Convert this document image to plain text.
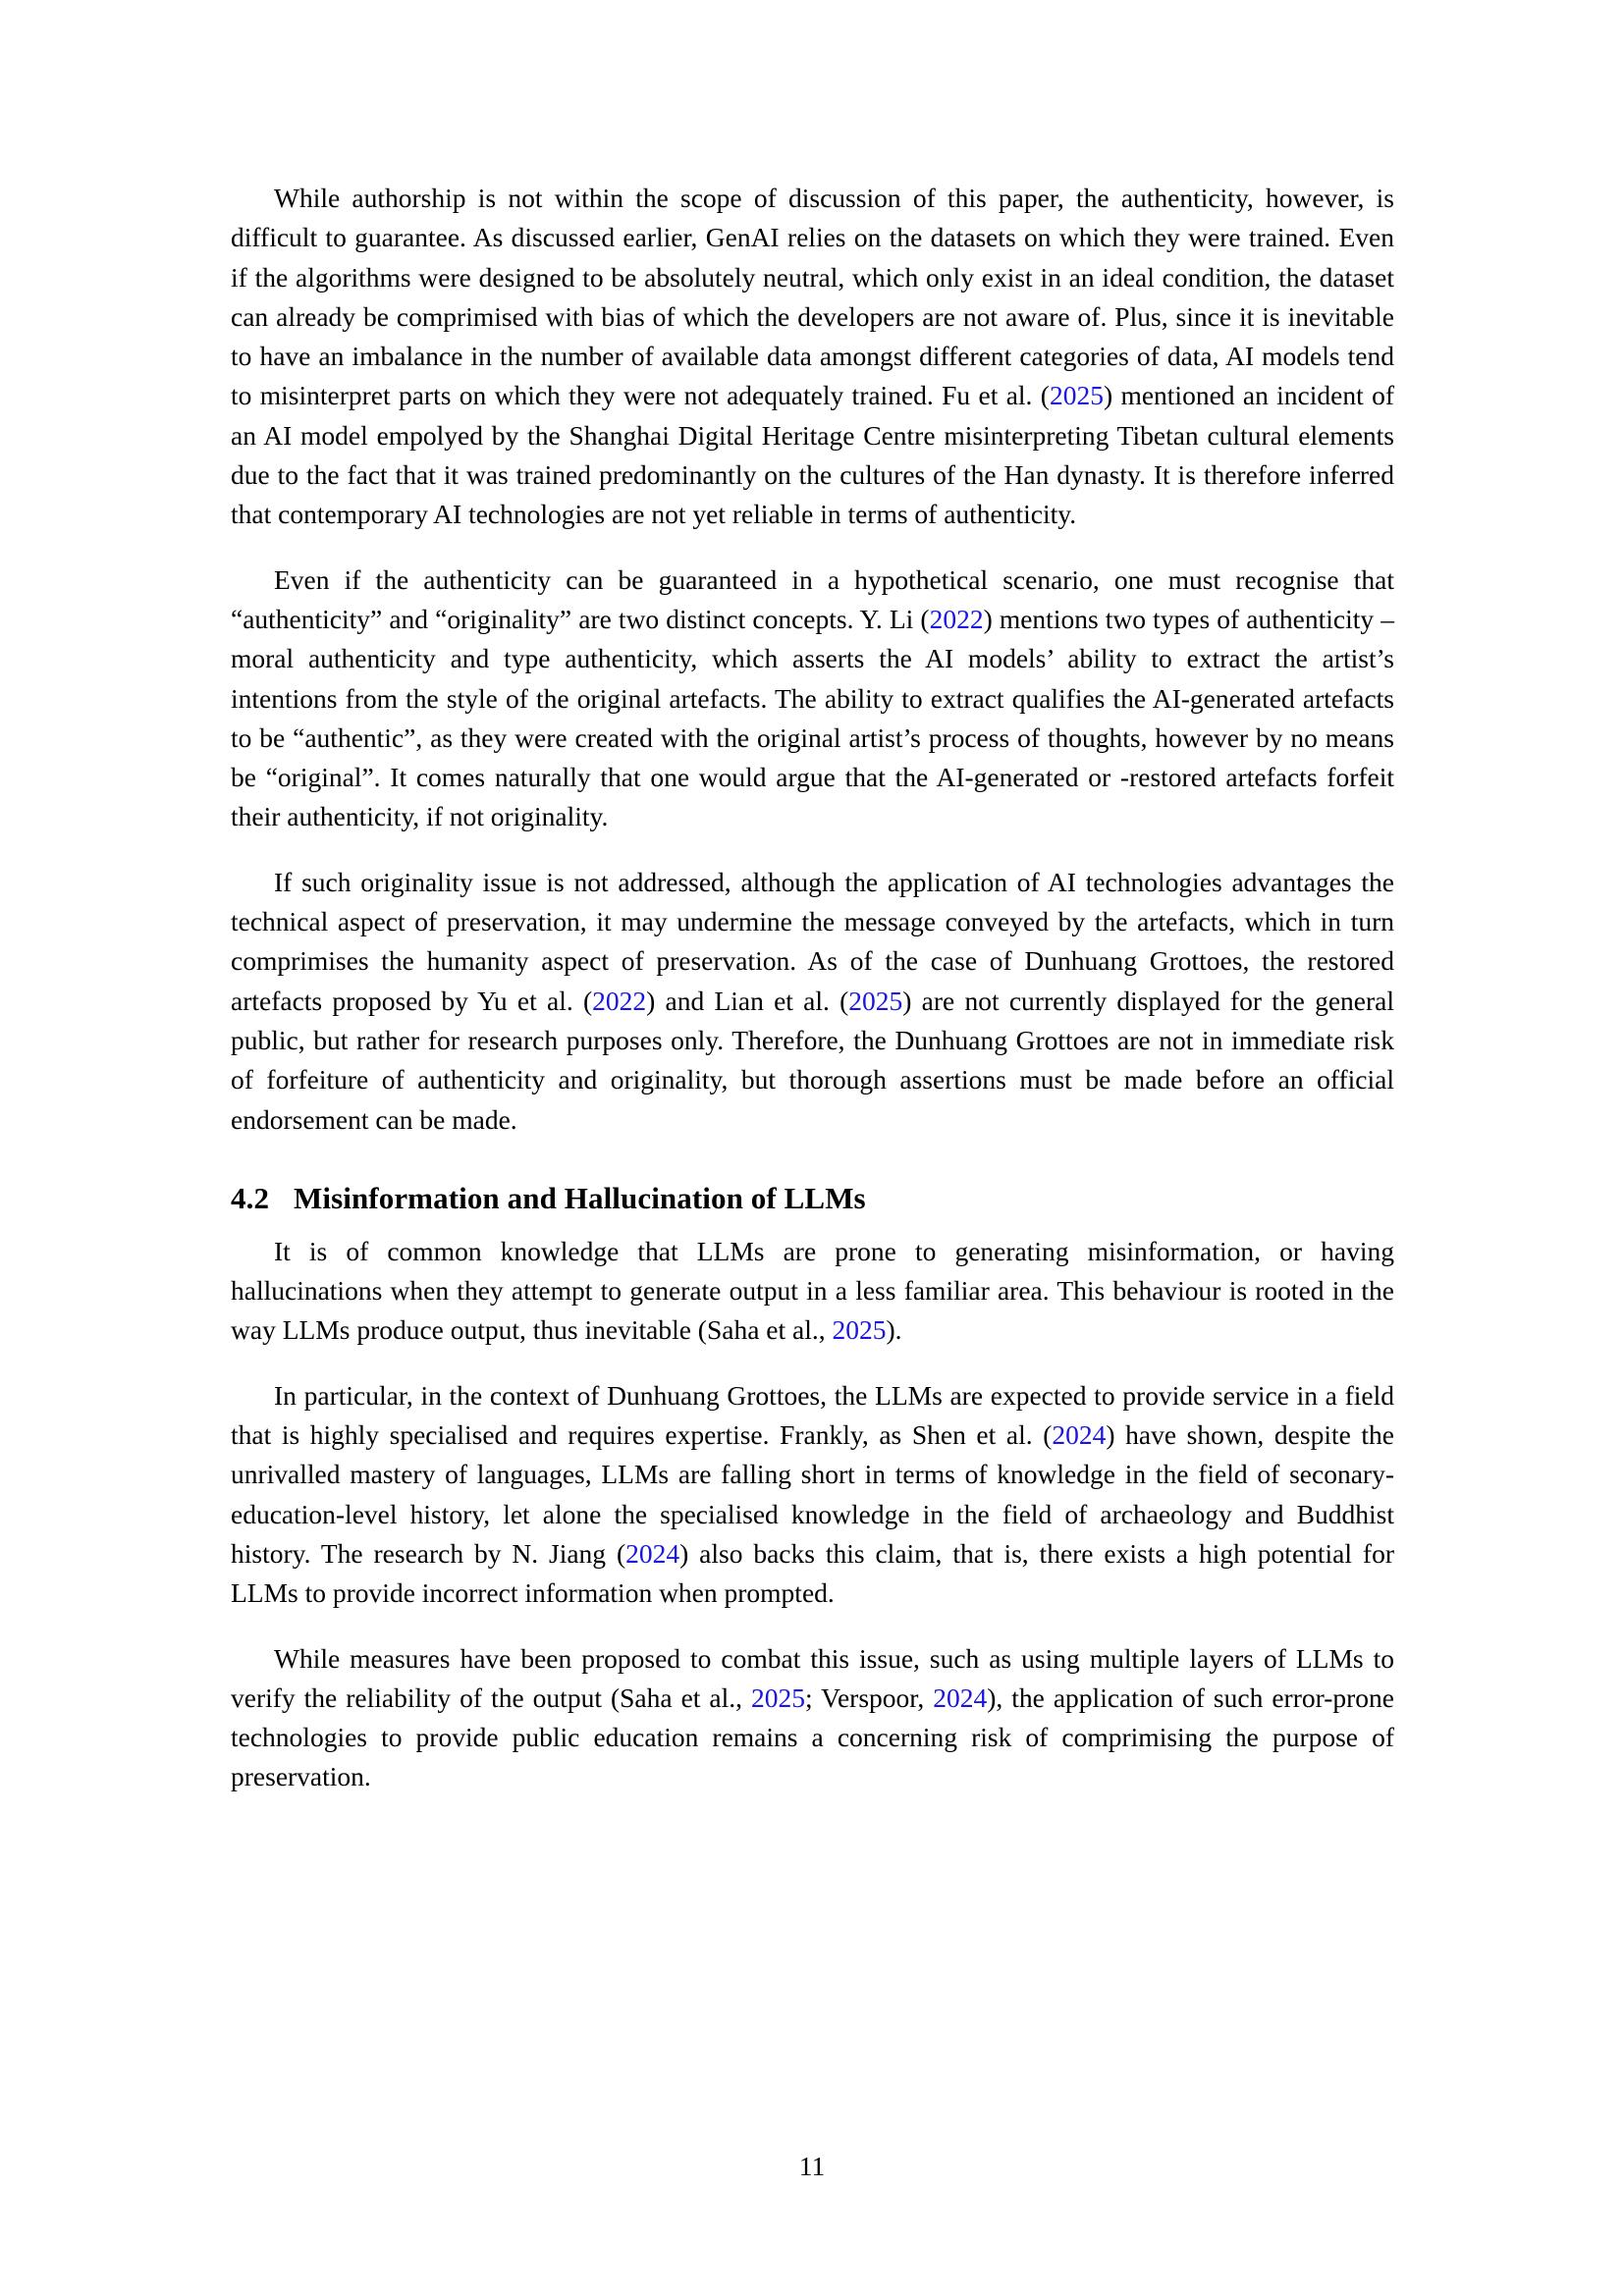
While authorship is not within the scope of discussion of this paper, the authenticity, however, is difficult to guarantee. As discussed earlier, GenAI relies on the datasets on which they were trained. Even if the algorithms were designed to be absolutely neutral, which only exist in an ideal condition, the dataset can already be comprimised with bias of which the developers are not aware of. Plus, since it is inevitable to have an imbalance in the number of available data amongst different categories of data, AI models tend to misinterpret parts on which they were not adequately trained. Fu et al. (2025) mentioned an incident of an AI model empolyed by the Shanghai Digital Heritage Centre misinterpreting Tibetan cultural elements due to the fact that it was trained predominantly on the cultures of the Han dynasty. It is therefore inferred that contemporary AI technologies are not yet reliable in terms of authenticity.

Even if the authenticity can be guaranteed in a hypothetical scenario, one must recognise that “authenticity” and “originality” are two distinct concepts. Y. Li (2022) mentions two types of authenticity – moral authenticity and type authenticity, which asserts the AI models’ ability to extract the artist’s intentions from the style of the original artefacts. The ability to extract qualifies the AI-generated artefacts to be “authentic”, as they were created with the original artist’s process of thoughts, however by no means be “original”. It comes naturally that one would argue that the AI-generated or -restored artefacts forfeit their authenticity, if not originality.

If such originality issue is not addressed, although the application of AI technologies advantages the technical aspect of preservation, it may undermine the message conveyed by the artefacts, which in turn comprimises the humanity aspect of preservation. As of the case of Dunhuang Grottoes, the restored artefacts proposed by Yu et al. (2022) and Lian et al. (2025) are not currently displayed for the general public, but rather for research purposes only. Therefore, the Dunhuang Grottoes are not in immediate risk of forfeiture of authenticity and originality, but thorough assertions must be made before an official endorsement can be made.

4.2 Misinformation and Hallucination of LLMs

It is of common knowledge that LLMs are prone to generating misinformation, or having hallucinations when they attempt to generate output in a less familiar area. This behaviour is rooted in the way LLMs produce output, thus inevitable (Saha et al., 2025).

In particular, in the context of Dunhuang Grottoes, the LLMs are expected to provide service in a field that is highly specialised and requires expertise. Frankly, as Shen et al. (2024) have shown, despite the unrivalled mastery of languages, LLMs are falling short in terms of knowledge in the field of seconary-education-level history, let alone the specialised knowledge in the field of archaeology and Buddhist history. The research by N. Jiang (2024) also backs this claim, that is, there exists a high potential for LLMs to provide incorrect information when prompted.

While measures have been proposed to combat this issue, such as using multiple layers of LLMs to verify the reliability of the output (Saha et al., 2025; Verspoor, 2024), the application of such error-prone technologies to provide public education remains a concerning risk of comprimising the purpose of preservation.

11
